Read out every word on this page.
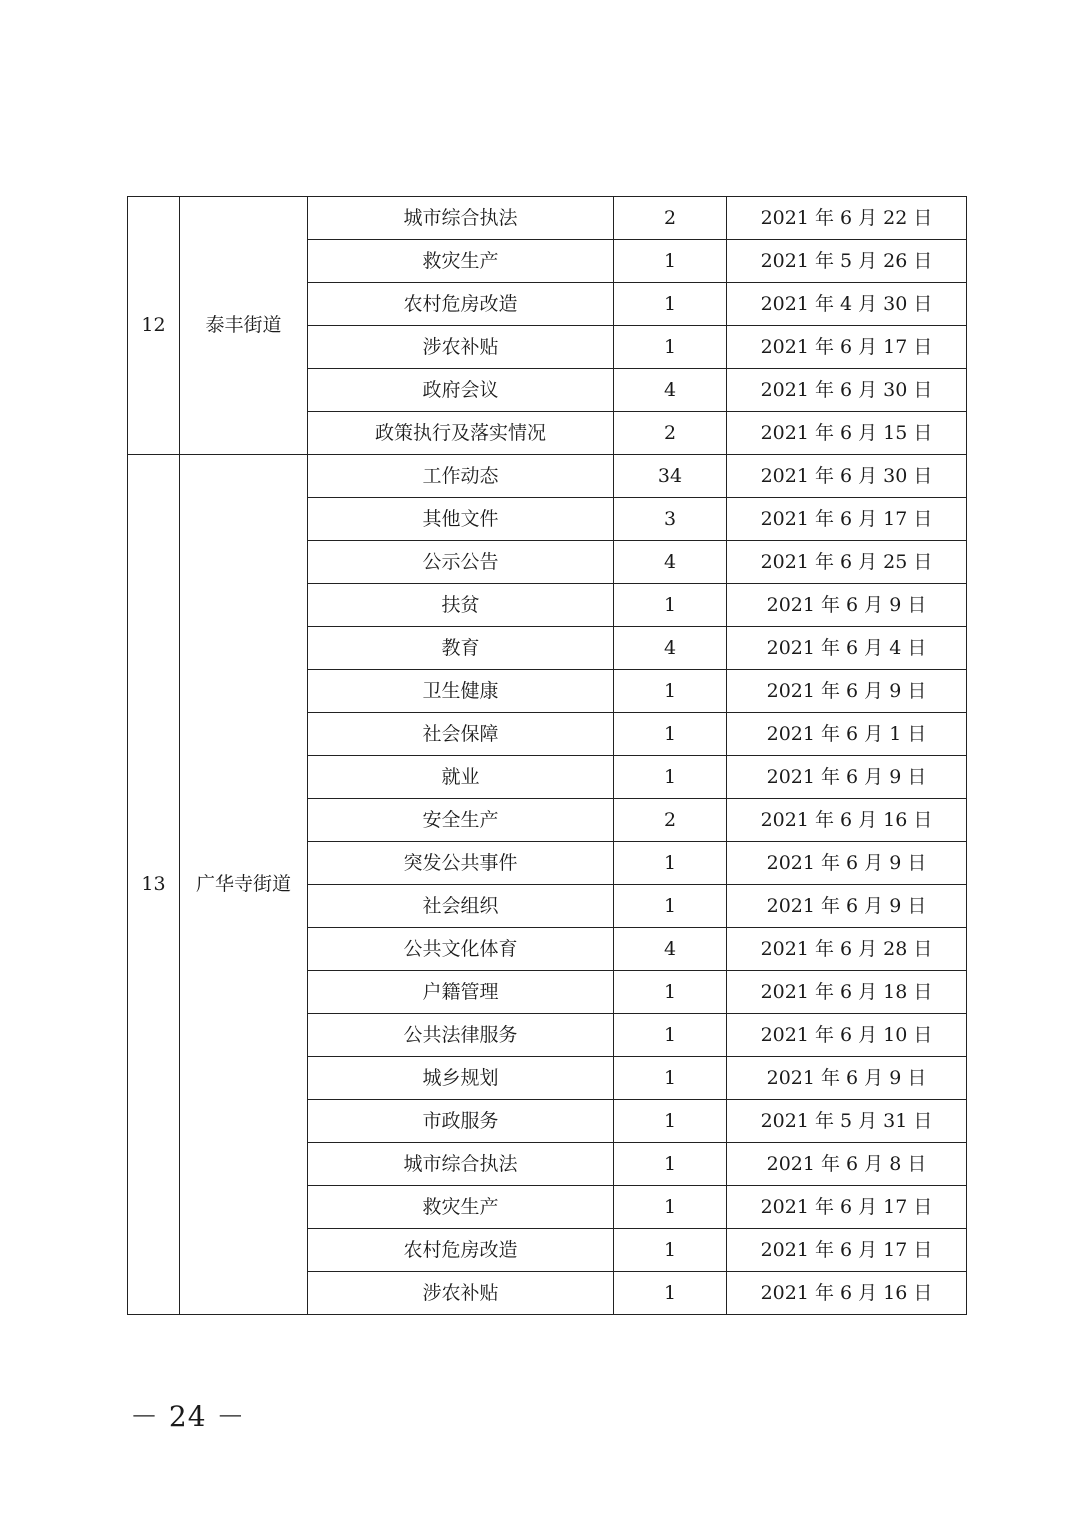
12	泰丰街道	城市综合执法	2	2021 年 6 月 22 日
		救灾生产	1	2021 年 5 月 26 日
		农村危房改造	1	2021 年 4 月 30 日
		涉农补贴	1	2021 年 6 月 17 日
		政府会议	4	2021 年 6 月 30 日
		政策执行及落实情况	2	2021 年 6 月 15 日
13	广华寺街道	工作动态	34	2021 年 6 月 30 日
		其他文件	3	2021 年 6 月 17 日
		公示公告	4	2021 年 6 月 25 日
		扶贫	1	2021 年 6 月 9 日
		教育	4	2021 年 6 月 4 日
		卫生健康	1	2021 年 6 月 9 日
		社会保障	1	2021 年 6 月 1 日
		就业	1	2021 年 6 月 9 日
		安全生产	2	2021 年 6 月 16 日
		突发公共事件	1	2021 年 6 月 9 日
		社会组织	1	2021 年 6 月 9 日
		公共文化体育	4	2021 年 6 月 28 日
		户籍管理	1	2021 年 6 月 18 日
		公共法律服务	1	2021 年 6 月 10 日
		城乡规划	1	2021 年 6 月 9 日
		市政服务	1	2021 年 5 月 31 日
		城市综合执法	1	2021 年 6 月 8 日
		救灾生产	1	2021 年 6 月 17 日
		农村危房改造	1	2021 年 6 月 17 日
		涉农补贴	1	2021 年 6 月 16 日
－ 24 －
